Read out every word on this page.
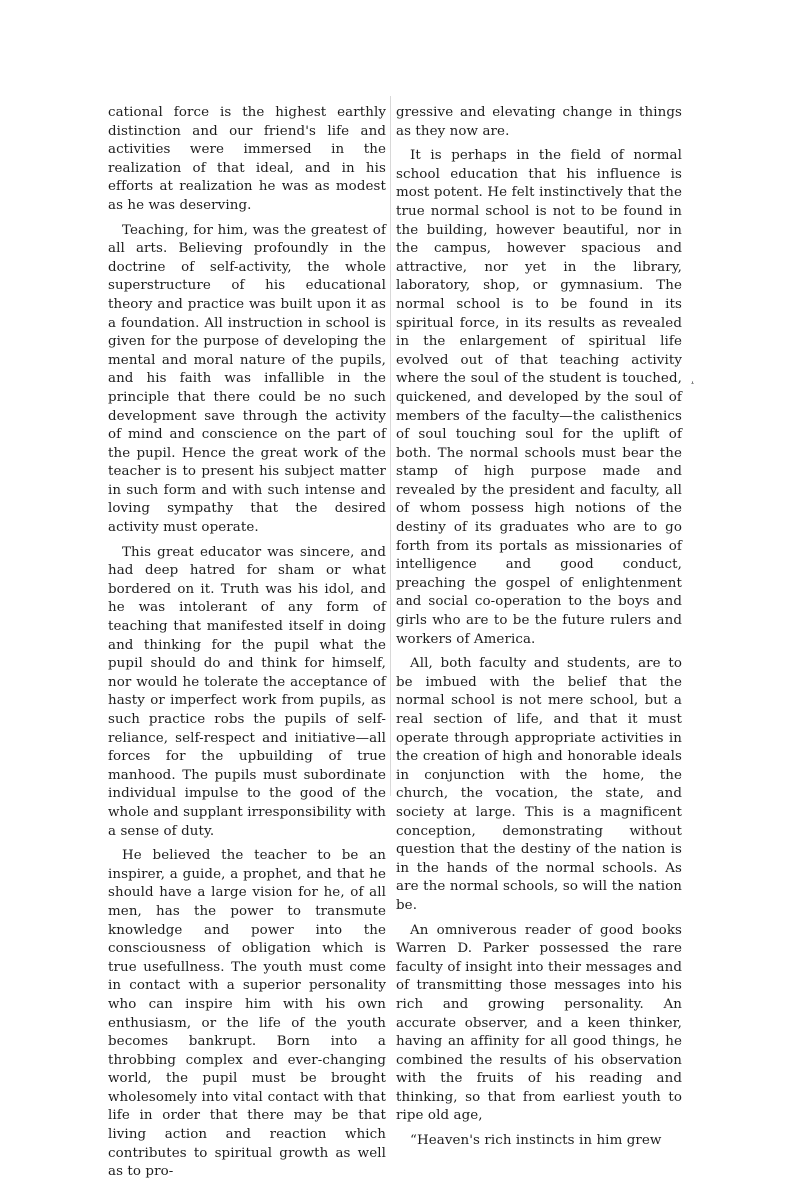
cational force is the highest earthly distinction and our friend's life and activities were immersed in the realization of that ideal, and in his efforts at realization he was as modest as he was deserving.

Teaching, for him, was the greatest of all arts. Believing profoundly in the doctrine of self-activity, the whole superstructure of his educational theory and practice was built upon it as a foundation. All instruction in school is given for the purpose of developing the mental and moral nature of the pupils, and his faith was infallible in the principle that there could be no such development save through the activity of mind and conscience on the part of the pupil. Hence the great work of the teacher is to present his subject matter in such form and with such intense and loving sympathy that the desired activity must operate.

This great educator was sincere, and had deep hatred for sham or what bordered on it. Truth was his idol, and he was intolerant of any form of teaching that manifested itself in doing and thinking for the pupil what the pupil should do and think for himself, nor would he tolerate the acceptance of hasty or imperfect work from pupils, as such practice robs the pupils of self-reliance, self-respect and initiative—all forces for the upbuilding of true manhood. The pupils must subordinate individual impulse to the good of the whole and supplant irresponsibility with a sense of duty.

He believed the teacher to be an inspirer, a guide, a prophet, and that he should have a large vision for he, of all men, has the power to transmute knowledge and power into the consciousness of obligation which is true usefullness. The youth must come in contact with a superior personality who can inspire him with his own enthusiasm, or the life of the youth becomes bankrupt. Born into a throbbing complex and ever-changing world, the pupil must be brought wholesomely into vital contact with that life in order that there may be that living action and reaction which contributes to spiritual growth as well as to pro-

gressive and elevating change in things as they now are.

It is perhaps in the field of normal school education that his influence is most potent. He felt instinctively that the true normal school is not to be found in the building, however beautiful, nor in the campus, however spacious and attractive, nor yet in the library, laboratory, shop, or gymnasium. The normal school is to be found in its spiritual force, in its results as revealed in the enlargement of spiritual life evolved out of that teaching activity where the soul of the student is touched, quickened, and developed by the soul of members of the faculty—the calisthenics of soul touching soul for the uplift of both. The normal schools must bear the stamp of high purpose made and revealed by the president and faculty, all of whom possess high notions of the destiny of its graduates who are to go forth from its portals as missionaries of intelligence and good conduct, preaching the gospel of enlightenment and social co-operation to the boys and girls who are to be the future rulers and workers of America.

All, both faculty and students, are to be imbued with the belief that the normal school is not mere school, but a real section of life, and that it must operate through appropriate activities in the creation of high and honorable ideals in conjunction with the home, the church, the vocation, the state, and society at large. This is a magnificent conception, demonstrating without question that the destiny of the nation is in the hands of the normal schools. As are the normal schools, so will the nation be.

An omniverous reader of good books Warren D. Parker possessed the rare faculty of insight into their messages and of transmitting those messages into his rich and growing personality. An accurate observer, and a keen thinker, having an affinity for all good things, he combined the results of his observation with the fruits of his reading and thinking, so that from earliest youth to ripe old age,

“Heaven's rich instincts in him grew

˔
